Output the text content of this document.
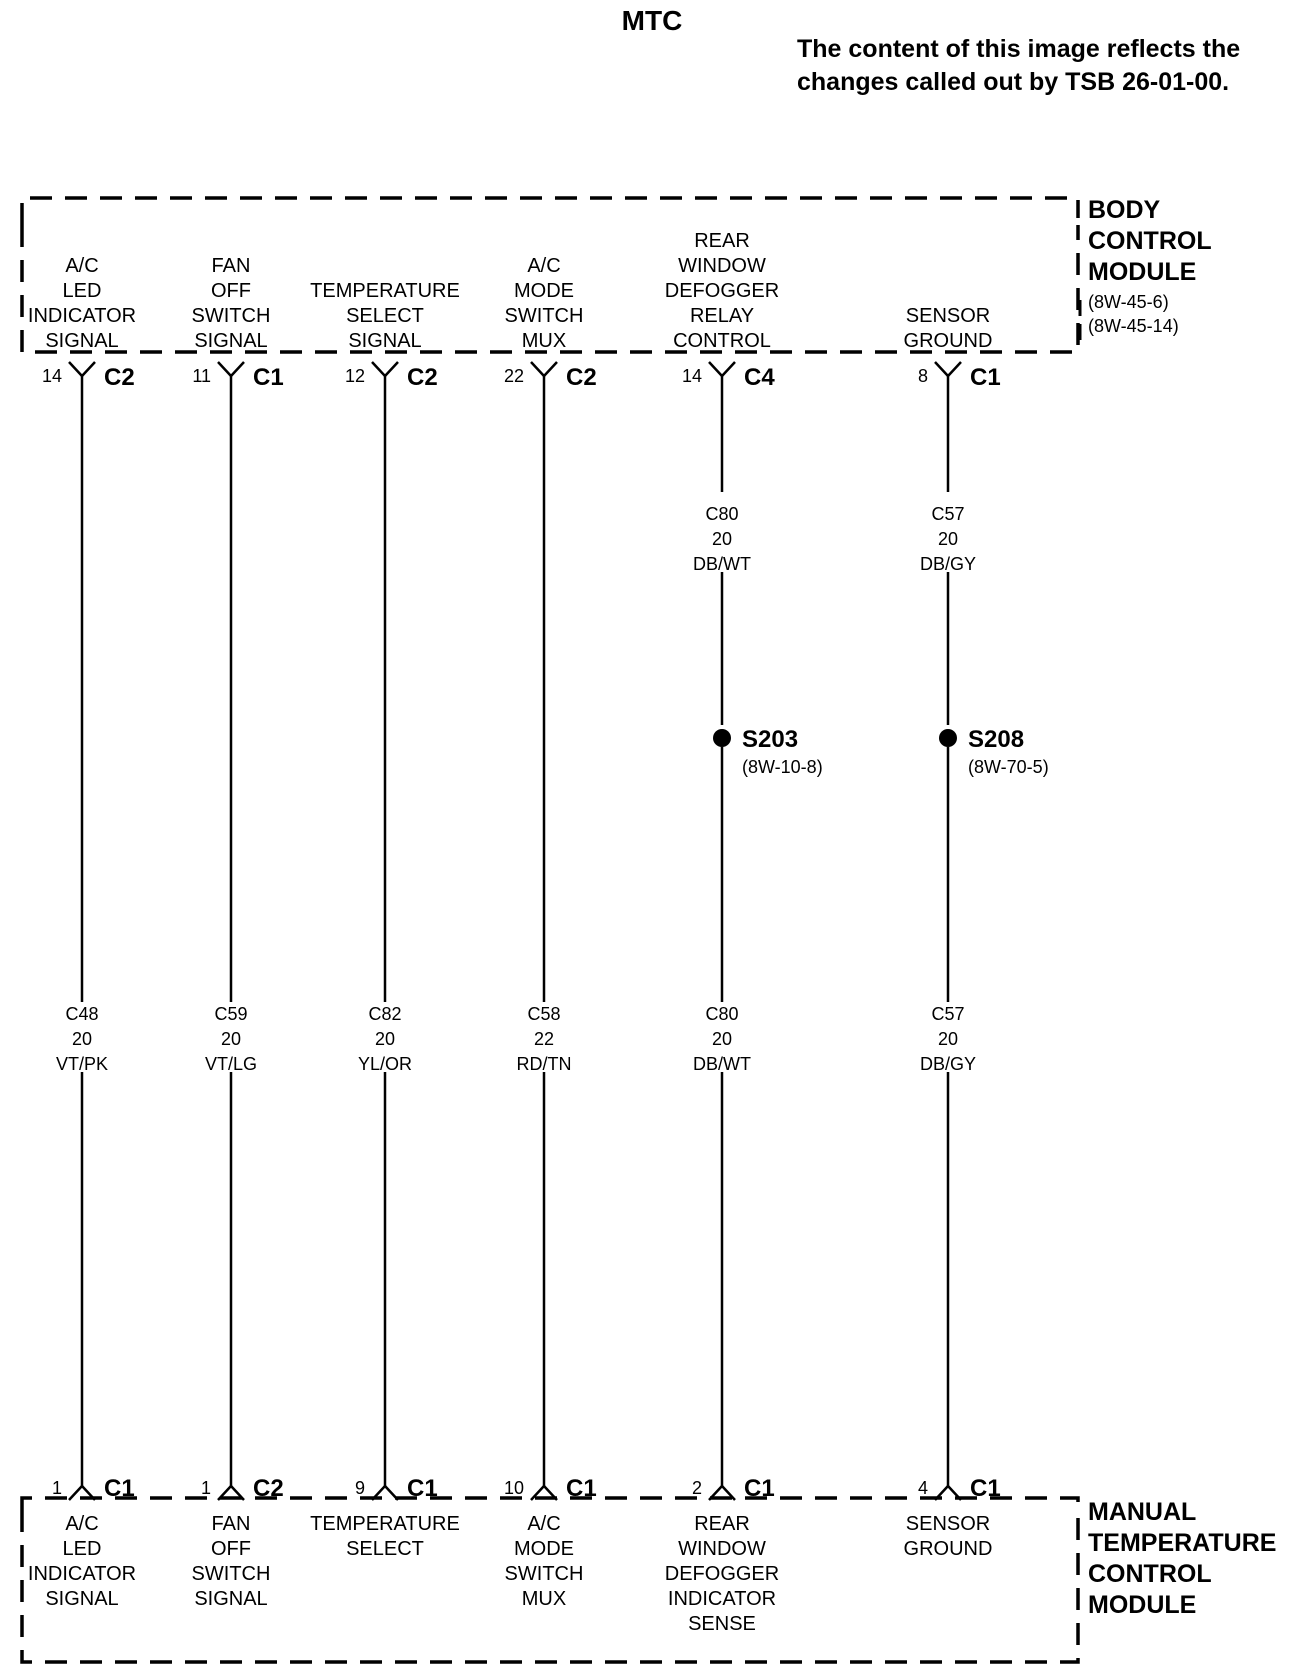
MTC
The content of this image reflects the
changes called out by TSB 26-01-00.
BODY
CONTROL
MODULE
(8W-45-6)
(8W-45-14)
MANUAL
TEMPERATURE
CONTROL
MODULE
A/C
LED
INDICATOR
SIGNAL
14 C2
1 C1
A/C
LED
INDICATOR
SIGNAL
C48
20
VT/PK
FAN
OFF
SWITCH
SIGNAL
11 C1
1 C2
FAN
OFF
SWITCH
SIGNAL
C59
20
VT/LG
TEMPERATURE
SELECT
SIGNAL
12 C2
9 C1
TEMPERATURE
SELECT
C82
20
YL/OR
A/C
MODE
SWITCH
MUX
22 C2
10 C1
A/C
MODE
SWITCH
MUX
C58
22
RD/TN
REAR
WINDOW
DEFOGGER
RELAY
CONTROL
14 C4
2 C1
REAR
WINDOW
DEFOGGER
INDICATOR
SENSE
C80
20
DB/WT
C80
20
DB/WT
S203
(8W-10-8)
SENSOR
GROUND
8 C1
4 C1
SENSOR
GROUND
C57
20
DB/GY
C57
20
DB/GY
S208
(8W-70-5)
